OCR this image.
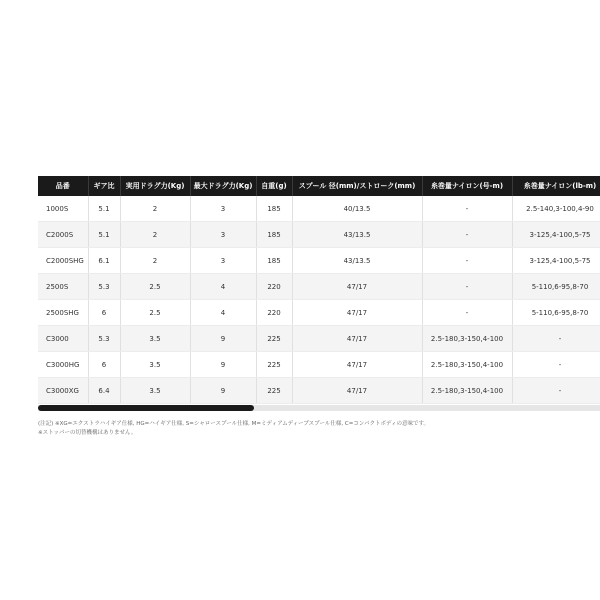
品番	ギア比	実用ドラグ力(Kg)	最大ドラグ力(Kg)	自重(g)	スプール 径(mm)/ストローク(mm)	糸巻量ナイロン(号-m)	糸巻量ナイロン(lb-m)
1000S	5.1	2	3	185	40/13.5	-	2.5-140,3-100,4-90
C2000S	5.1	2	3	185	43/13.5	-	3-125,4-100,5-75
C2000SHG	6.1	2	3	185	43/13.5	-	3-125,4-100,5-75
2500S	5.3	2.5	4	220	47/17	-	5-110,6-95,8-70
2500SHG	6	2.5	4	220	47/17	-	5-110,6-95,8-70
C3000	5.3	3.5	9	225	47/17	2.5-180,3-150,4-100	-
C3000HG	6	3.5	9	225	47/17	2.5-180,3-150,4-100	-
C3000XG	6.4	3.5	9	225	47/17	2.5-180,3-150,4-100	-

(注記) ※XG=エクストラハイギア仕様, HG=ハイギア仕様, S=シャロースプール仕様, M=ミディアムディープスプール仕様, C=コンパクトボディの意味です。

※ストッパーの切替機構はありません。
